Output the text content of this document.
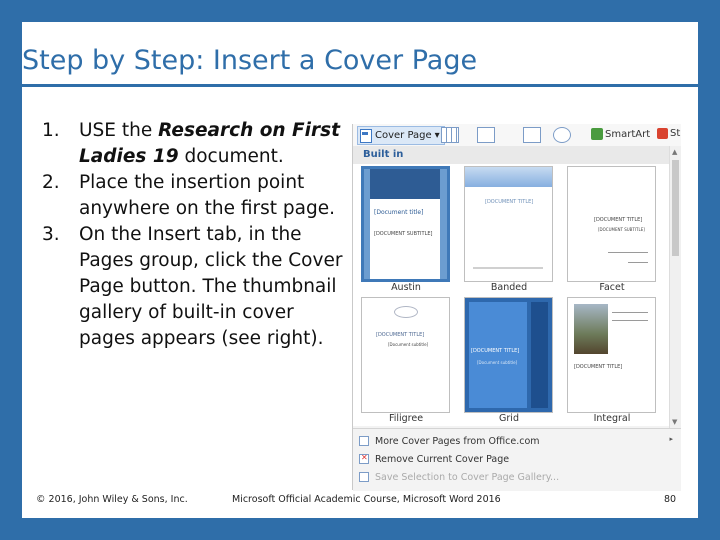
Step by Step: Insert a Cover Page
1. USE the Research on First Ladies 19 document.
2. Place the insertion point anywhere on the first page.
3. On the Insert tab, in the Pages group, click the Cover Page button. The thumbnail gallery of built-in cover pages appears (see right).
Cover Page ▾	SmartArt St
Built in	▲
▼
[Document title]
[DOCUMENT SUBTITLE]
Austin
[DOCUMENT TITLE]
Banded
[DOCUMENT TITLE]
[DOCUMENT SUBTITLE]
Facet
[DOCUMENT TITLE]
[Document subtitle]
Filigree
[DOCUMENT TITLE]
[Document subtitle]
Grid
[DOCUMENT TITLE]
Integral
▸
More Cover Pages from Office.com
✕
Remove Current Cover Page
Save Selection to Cover Page Gallery...
© 2016, John Wiley & Sons, Inc.	Microsoft Official Academic Course, Microsoft Word 2016	80
